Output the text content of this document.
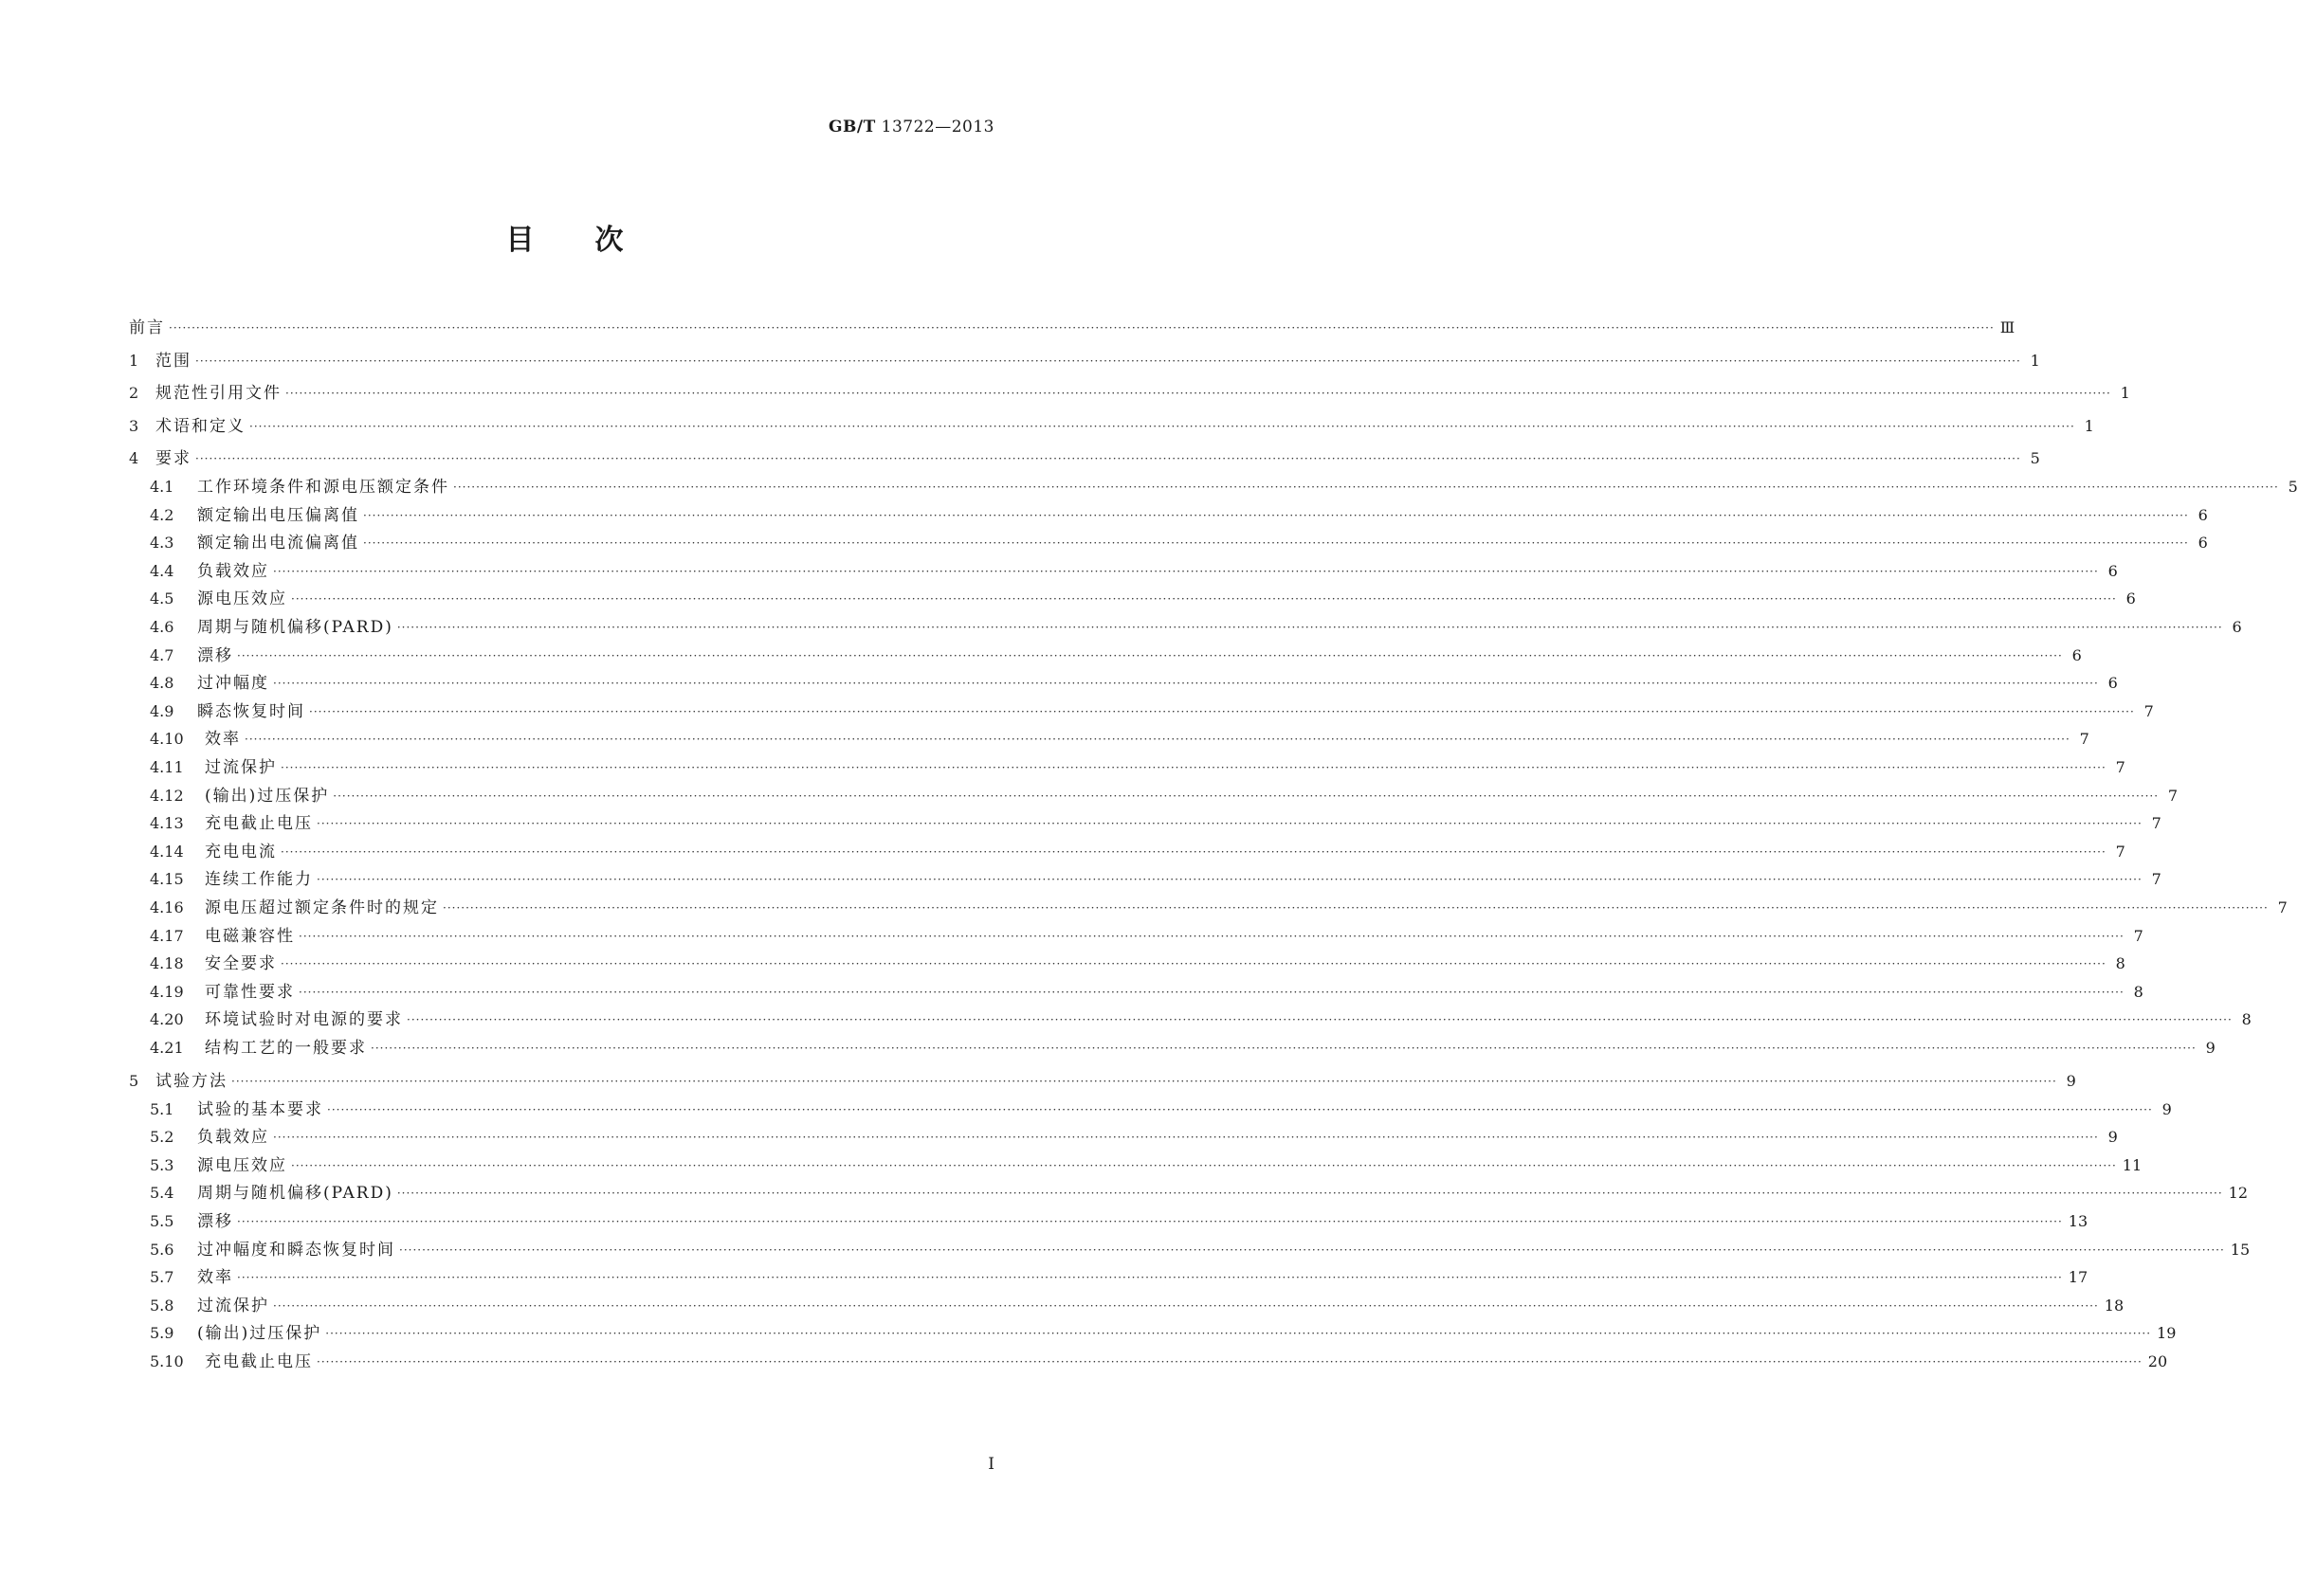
GB/T 13722—2013
目次
前言 ················································································································································································································································································································································································································ Ⅲ
1	范围 ················································································································································································································································································································································································································ 1
2	规范性引用文件 ················································································································································································································································································································································································································ 1
3	术语和定义 ················································································································································································································································································································································································································ 1
4	要求 ················································································································································································································································································································································································································ 5
4.1	工作环境条件和源电压额定条件 ················································································································································································································································································································································································································ 5
4.2	额定输出电压偏离值 ················································································································································································································································································································································································································ 6
4.3	额定输出电流偏离值 ················································································································································································································································································································································································································ 6
4.4	负载效应 ················································································································································································································································································································································································································ 6
4.5	源电压效应 ················································································································································································································································································································································································································ 6
4.6	周期与随机偏移(PARD) ················································································································································································································································································································································································································ 6
4.7	漂移 ················································································································································································································································································································································································································ 6
4.8	过冲幅度 ················································································································································································································································································································································································································ 6
4.9	瞬态恢复时间 ················································································································································································································································································································································································································ 7
4.10	效率 ················································································································································································································································································································································································································ 7
4.11	过流保护 ················································································································································································································································································································································································································ 7
4.12	(输出)过压保护 ················································································································································································································································································································································································································ 7
4.13	充电截止电压 ················································································································································································································································································································································································································ 7
4.14	充电电流 ················································································································································································································································································································································································································ 7
4.15	连续工作能力 ················································································································································································································································································································································································································ 7
4.16	源电压超过额定条件时的规定 ················································································································································································································································································································································································································ 7
4.17	电磁兼容性 ················································································································································································································································································································································································································ 7
4.18	安全要求 ················································································································································································································································································································································································································ 8
4.19	可靠性要求 ················································································································································································································································································································································································································ 8
4.20	环境试验时对电源的要求 ················································································································································································································································································································································································································ 8
4.21	结构工艺的一般要求 ················································································································································································································································································································································································································ 9
5	试验方法 ················································································································································································································································································································································································································ 9
5.1	试验的基本要求 ················································································································································································································································································································································································································ 9
5.2	负载效应 ················································································································································································································································································································································································································ 9
5.3	源电压效应 ················································································································································································································································································································································································································ 11
5.4	周期与随机偏移(PARD) ················································································································································································································································································································································································································ 12
5.5	漂移 ················································································································································································································································································································································································································ 13
5.6	过冲幅度和瞬态恢复时间 ················································································································································································································································································································································································································ 15
5.7	效率 ················································································································································································································································································································································································································ 17
5.8	过流保护 ················································································································································································································································································································································································································ 18
5.9	(输出)过压保护 ················································································································································································································································································································································································································ 19
5.10	充电截止电压 ················································································································································································································································································································································································································ 20
Ⅰ
